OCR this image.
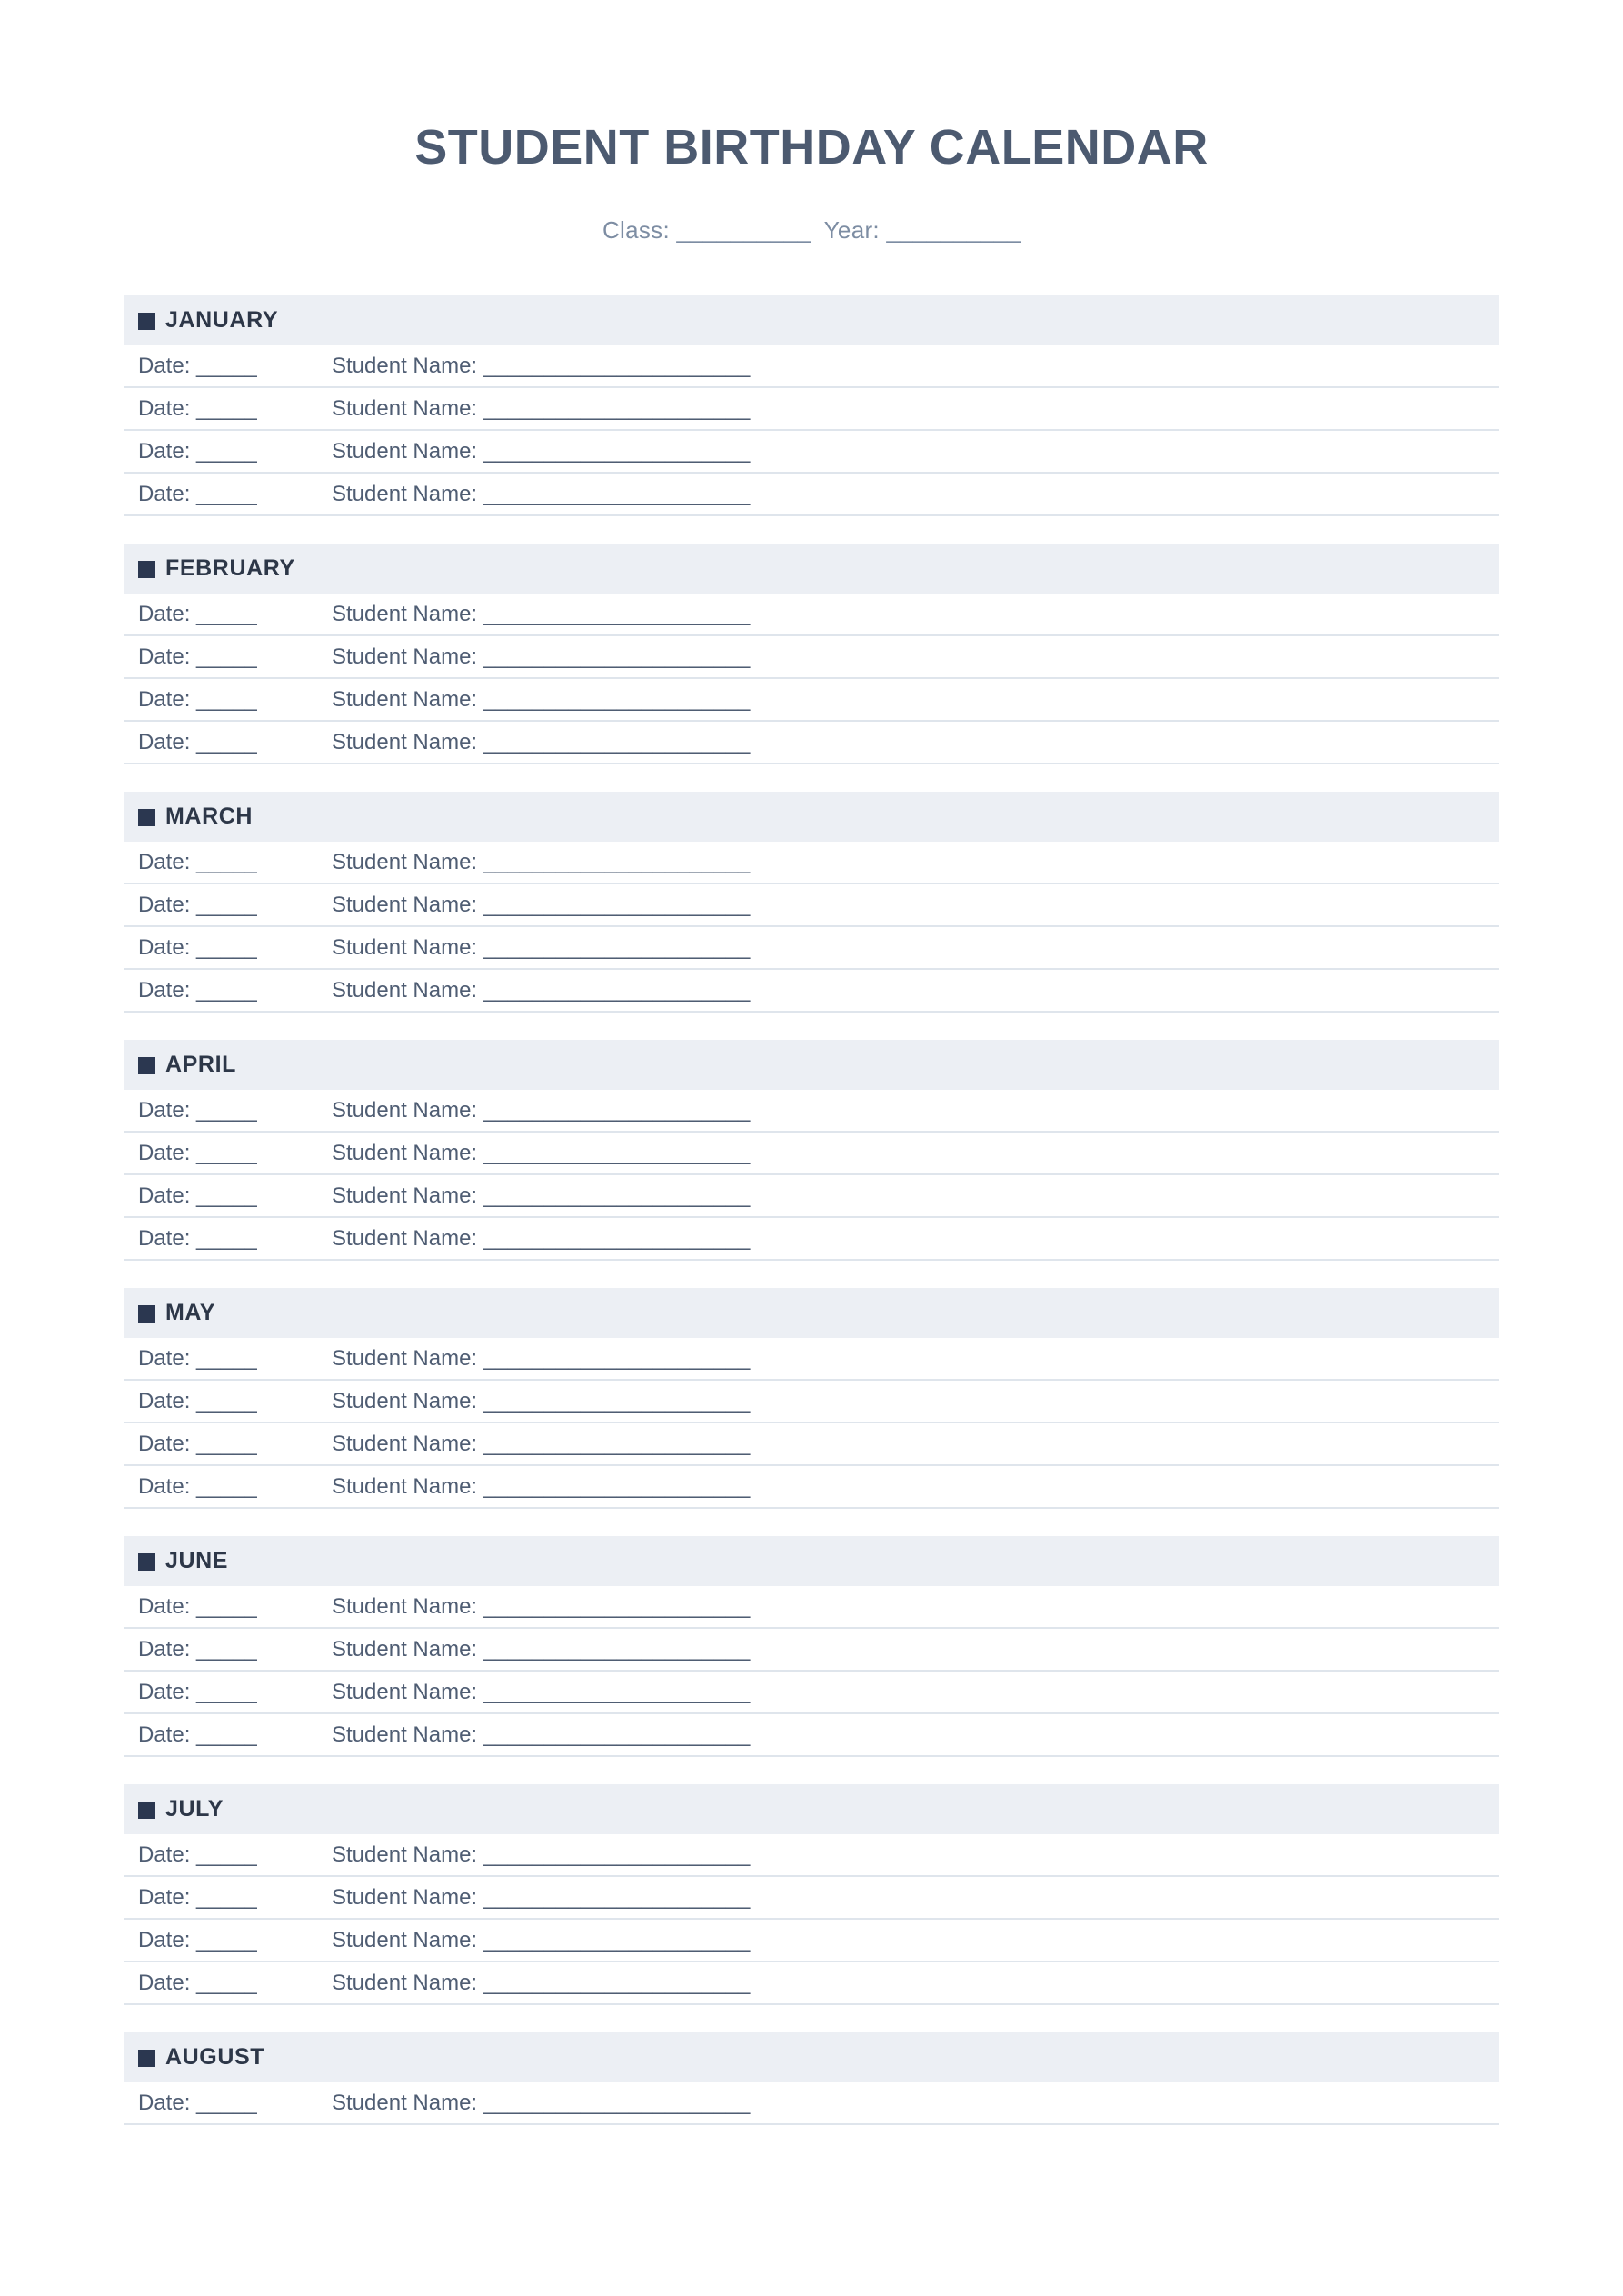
STUDENT BIRTHDAY CALENDAR
Class: __________  Year: __________
JANUARY
Date: _____	Student Name: ______________________
Date: _____	Student Name: ______________________
Date: _____	Student Name: ______________________
Date: _____	Student Name: ______________________
FEBRUARY
Date: _____	Student Name: ______________________
Date: _____	Student Name: ______________________
Date: _____	Student Name: ______________________
Date: _____	Student Name: ______________________
MARCH
Date: _____	Student Name: ______________________
Date: _____	Student Name: ______________________
Date: _____	Student Name: ______________________
Date: _____	Student Name: ______________________
APRIL
Date: _____	Student Name: ______________________
Date: _____	Student Name: ______________________
Date: _____	Student Name: ______________________
Date: _____	Student Name: ______________________
MAY
Date: _____	Student Name: ______________________
Date: _____	Student Name: ______________________
Date: _____	Student Name: ______________________
Date: _____	Student Name: ______________________
JUNE
Date: _____	Student Name: ______________________
Date: _____	Student Name: ______________________
Date: _____	Student Name: ______________________
Date: _____	Student Name: ______________________
JULY
Date: _____	Student Name: ______________________
Date: _____	Student Name: ______________________
Date: _____	Student Name: ______________________
Date: _____	Student Name: ______________________
AUGUST
Date: _____	Student Name: ______________________
